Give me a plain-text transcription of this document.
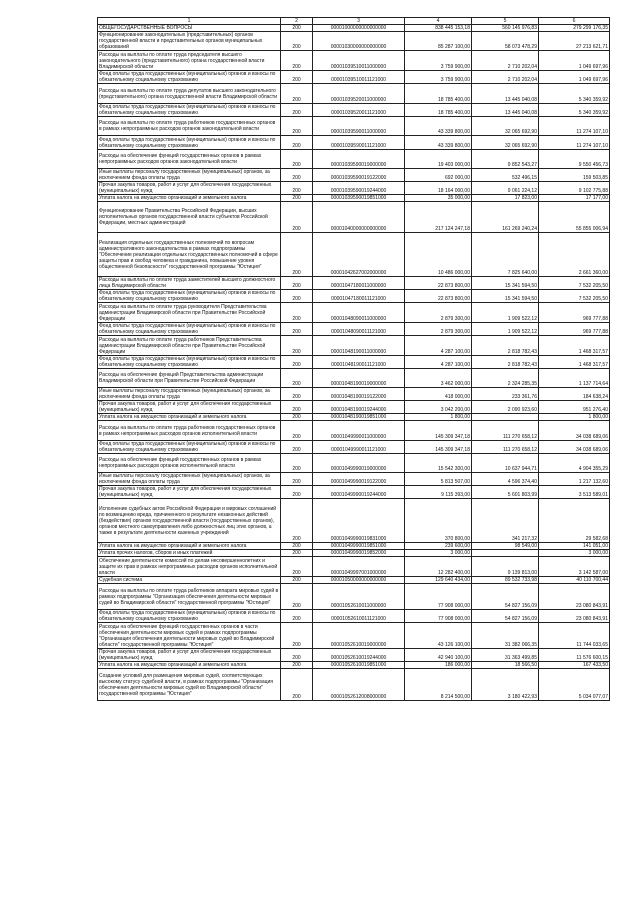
1	2	3	4	5	6
ОБЩЕГОСУДАРСТВЕННЫЕ ВОПРОСЫ	200	00001000000000000000	838 445 153,18	560 145 976,83	279 299 176,35
Функционирование законодательных (представительных) органов государственной власти и представительных органов муниципальных образований	200	00001030000000000000	85 287 100,00	58 073 478,29	27 213 621,71
Расходы на выплаты по оплате труда председателя высшего законодательного (представительного) органа государственной власти Владимирской области	200	00001039510011000000	3 759 900,00	2 710 202,04	1 049 697,96
Фонд оплаты труда государственных (муниципальных) органов и взносы по обязательному социальному страхованию	200	00001039510011121000	3 759 900,00	2 710 202,04	1 049 697,96
Расходы на выплаты по оплате труда депутатов высшего законодательного (представительного) органа государственной власти Владимирской области	200	00001039520011000000	18 785 400,00	13 445 040,08	5 340 359,92
Фонд оплаты труда государственных (муниципальных) органов и взносы по обязательному социальному страхованию	200	00001039520011121000	18 785 400,00	13 445 040,08	5 340 359,92
Расходы на выплаты по оплате труда работников государственных органов в рамках непрограммных расходов органов законодательной власти	200	00001039590011000000	43 339 800,00	32 065 692,90	11 274 107,10
Фонд оплаты труда государственных (муниципальных) органов и взносы по обязательному социальному страхованию	200	00001039590011121000	43 339 800,00	32 065 692,90	11 274 107,10
Расходы на обеспечение функций государственных органов в рамках непрограммных расходов органов законодательной власти	200	00001039590019000000	19 403 000,00	9 852 543,27	9 550 456,73
Иные выплаты персоналу государственных (муниципальных) органов, за исключением фонда оплаты труда	200	00001039590019122000	692 000,00	532 496,15	159 503,85
Прочая закупка товаров, работ и услуг для обеспечения государственных (муниципальных) нужд	200	00001039590019244000	18 164 000,00	9 061 224,12	9 102 775,88
Уплата налога на имущество организаций и земельного налога	200	00001039590019851000	35 000,00	17 823,00	17 177,00
Функционирование Правительства Российской Федерации, высших исполнительных органов государственной власти субъектов Российской Федерации, местных администраций	200	00001040000000000000	217 124 247,18	161 269 240,24	55 855 006,94
Реализация отдельных государственных полномочий по вопросам административного законодательства в рамках подпрограммы "Обеспечение реализации отдельных государственных полномочий в сфере защиты прав и свобод человека и гражданина, повышение уровня общественной безопасности" государственной программы "Юстиция"	200	00001042627002000000	10 486 000,00	7 825 640,00	2 661 360,00
Расходы на выплаты по оплате труда заместителей высшего должностного лица Владимирской области	200	00001047180011000000	22 873 800,00	15 341 594,50	7 532 205,50
Фонд оплаты труда государственных (муниципальных) органов и взносы по обязательному социальному страхованию	200	00001047180011121000	22 873 800,00	15 341 594,50	7 532 205,50
Расходы на выплаты по оплате труда руководителя Представительства администрации Владимирской области при Правительстве Российской Федерации	200	00001048090011000000	2 879 300,00	1 909 522,12	969 777,88
Фонд оплаты труда государственных (муниципальных) органов и взносы по обязательному социальному страхованию	200	00001048090011121000	2 879 300,00	1 909 522,12	969 777,88
Расходы на выплаты по оплате труда работников Представительства администрации Владимирской области при Правительстве Российской Федерации	200	00001048190011000000	4 287 100,00	2 818 782,43	1 468 317,57
Фонд оплаты труда государственных (муниципальных) органов и взносы по обязательному социальному страхованию	200	00001048190011121000	4 287 100,00	2 818 782,43	1 468 317,57
Расходы на обеспечение функций Представительства администрации Владимирской области при Правительстве Российской Федерации	200	00001048190019000000	3 462 000,00	2 324 285,35	1 137 714,64
Иные выплаты персоналу государственных (муниципальных) органов, за исключением фонда оплаты труда	200	00001048190019122000	418 000,00	233 361,76	184 638,24
Прочая закупка товаров, работ и услуг для обеспечения государственных (муниципальных) нужд	200	00001048190019244000	3 042 200,00	2 090 923,60	951 276,40
Уплата налога на имущество организаций и земельного налога	200	00001048190019851000	1 800,00		1 800,00
Расходы на выплаты по оплате труда работников государственных органов в рамках непрограммных расходов органов исполнительной власти	200	00001049990011000000	145 309 347,18	111 270 658,12	34 038 689,06
Фонд оплаты труда государственных (муниципальных) органов и взносы по обязательному социальному страхованию	200	00001049990011121000	145 309 347,18	111 270 658,12	34 038 689,06
Расходы на обеспечение функций государственных органов в рамках непрограммных расходов органов исполнительной власти	200	00001049990019000000	15 542 300,00	10 637 944,71	4 904 355,29
Иные выплаты персоналу государственных (муниципальных) органов, за исключением фонда оплаты труда	200	00001049990019122000	5 813 507,00	4 596 374,40	1 217 132,60
Прочая закупка товаров, работ и услуг для обеспечения государственных (муниципальных) нужд	200	00001049990019244000	9 115 393,00	5 601 803,99	3 513 589,01
Исполнение судебных актов Российской Федерации и мировых соглашений по возмещению вреда, причиненного в результате незаконных действий (бездействия) органов государственной власти (государственных органов), органов местного самоуправления либо должностных лиц этих органов, а также в результате деятельности казенных учреждений	200	00001049990019831000	370 800,00	341 217,32	29 582,68
Уплата налога на имущество организаций и земельного налога	200	00001049990019851000	239 600,00	98 549,00	141 051,00
Уплата прочих налогов, сборов и иных платежей	200	00001049990019852000	3 000,00		3 000,00
Обеспечение деятельности комиссий по делам несовершеннолетних и защите их прав в рамках непрограммных расходов органов исполнительной власти	200	00001049997001000000	12 282 400,00	9 139 813,00	3 142 587,00
Судебная система	200	00001050000000000000	129 640 434,00	89 532 733,98	40 110 700,44
Расходы на выплаты по оплате труда работников аппарата мировых судей в рамках подпрограммы "Организация обеспечения деятельности мировых судей во Владимирской области" государственной программы "Юстиция"	200	00001052610011000000	77 908 000,00	54 827 156,09	23 080 843,91
Фонд оплаты труда государственных (муниципальных) органов и взносы по обязательному социальному страхованию	200	00001052610011121000	77 908 000,00	54 827 156,09	23 080 843,91
Расходы на обеспечение функций государственных органов в части обеспечения деятельности мировых судей в рамках подпрограммы "Организация обеспечения деятельности мировых судей во Владимирской области" государственной программы "Юстиция"	200	00001052610019000000	43 126 100,00	31 382 066,35	11 744 033,65
Прочая закупка товаров, работ и услуг для обеспечения государственных (муниципальных) нужд	200	00001052610019244000	42 940 100,00	31 363 499,85	11 576 600,15
Уплата налога на имущество организаций и земельного налога	200	00001052610019851000	186 000,00	18 566,50	167 433,50
Создание условий для размещения мировых судей, соответствующих высокому статусу судебной власти, в рамках подпрограммы "Организация обеспечения деятельности мировых судей во Владимирской области" государственной программы "Юстиция"	200	00001052612008000000	8 214 500,00	3 180 422,93	5 034 077,07
